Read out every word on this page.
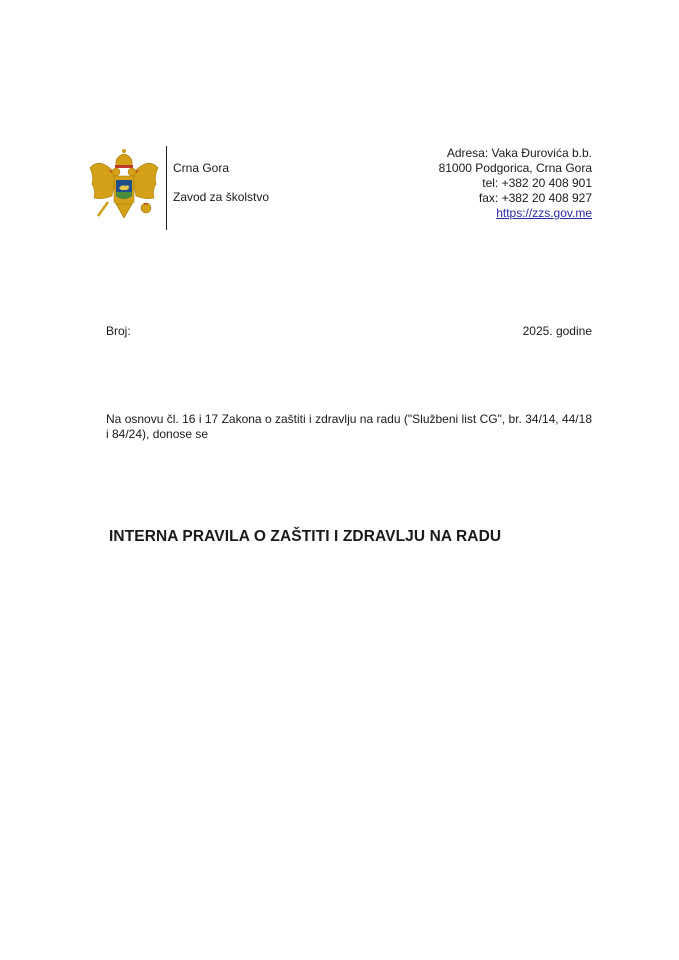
Crna Gora
Zavod za školstvo
Adresa: Vaka Đurovića b.b.
81000 Podgorica, Crna Gora
tel: +382 20 408 901
fax: +382 20 408 927
https://zzs.gov.me
Broj:	2025. godine
Na osnovu čl. 16 i 17 Zakona o zaštiti i zdravlju na radu ("Službeni list CG", br. 34/14, 44/18 i 84/24), donose se
INTERNA PRAVILA O ZAŠTITI I ZDRAVLJU NA RADU
